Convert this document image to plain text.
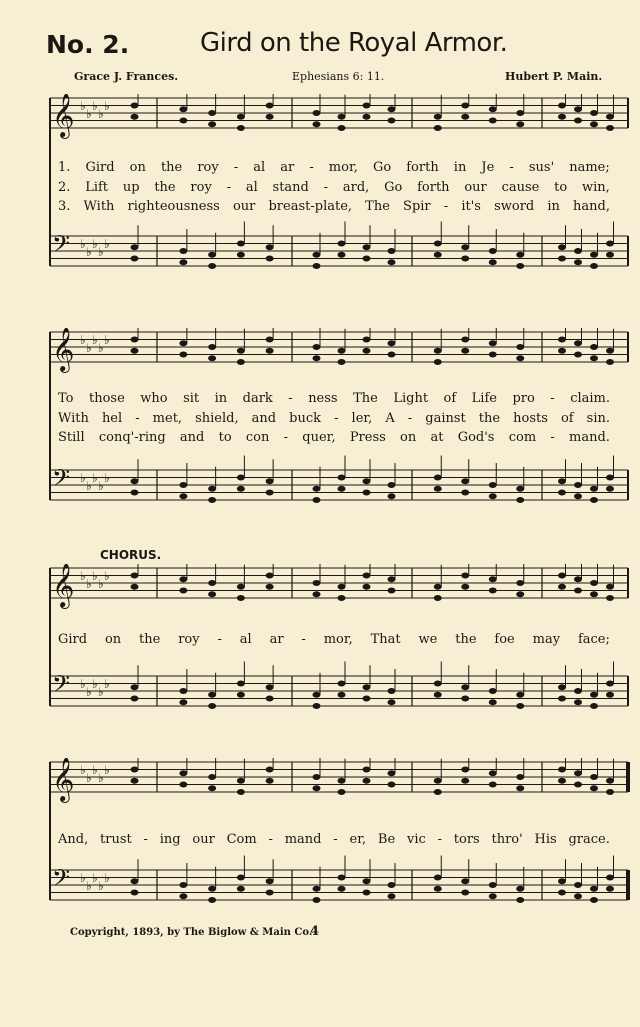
No. 2.	Gird on the Royal Armor.
Grace J. Frances.	Ephesians 6: 11.	Hubert P. Main.
𝄞 ♭
♭
♭
♭
♭
𝄢 ♭
♭
♭
♭
♭
1. Gird on the roy - al ar - mor, Go forth in Je - sus' name;
2. Lift up the roy - al stand - ard, Go forth our cause to win,
3. With righteousness our breast-plate, The Spir - it's sword in hand,
𝄞 ♭
♭
♭
♭
♭
𝄢 ♭
♭
♭
♭
♭
To those who sit in dark - ness The Light of Life pro - claim.
With hel - met, shield, and buck - ler, A - gainst the hosts of sin.
Still conq'-ring and to con - quer, Press on at God's com - mand.
CHORUS.
𝄞 ♭
♭
♭
♭
♭
𝄢 ♭
♭
♭
♭
♭
Gird on the roy - al ar - mor, That we the foe may face;
𝄞 ♭
♭
♭
♭
♭
𝄢 ♭
♭
♭
♭
♭
And, trust - ing our Com - mand - er, Be vic - tors thro' His grace.
Copyright, 1893, by The Biglow & Main Co.
4
